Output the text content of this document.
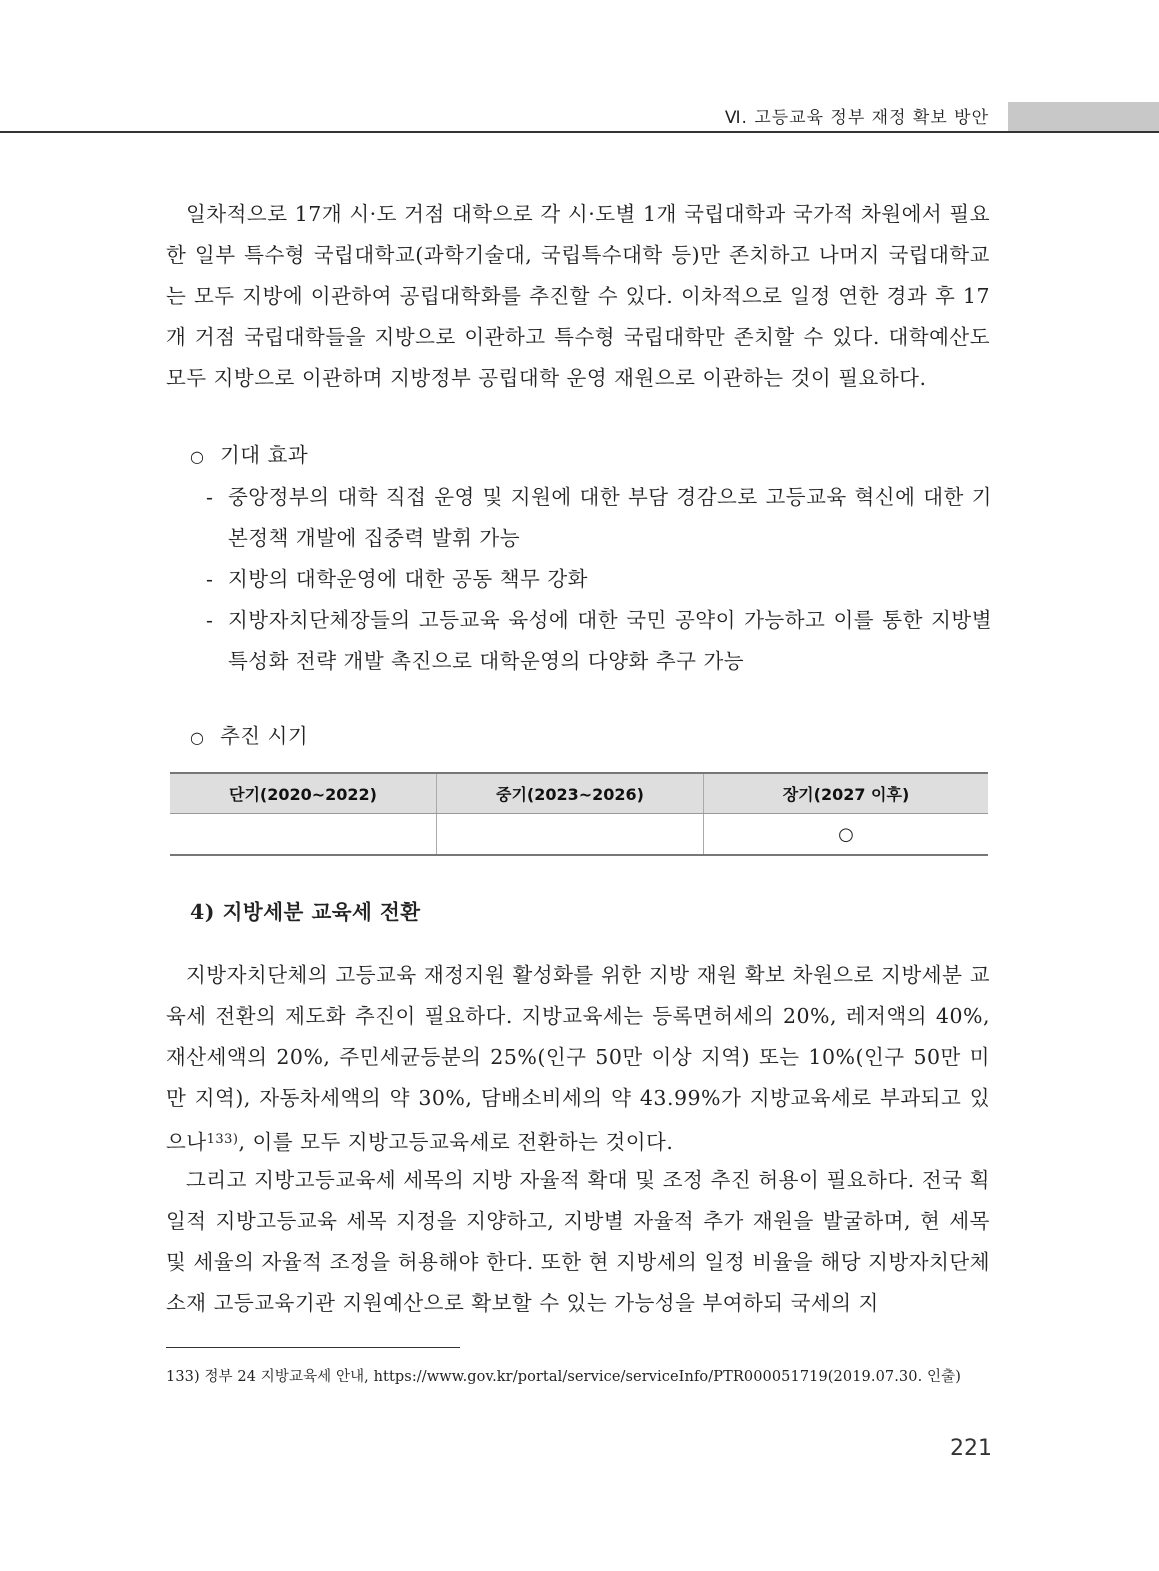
Ⅵ. 고등교육 정부 재정 확보 방안

일차적으로 17개 시·도 거점 대학으로 각 시·도별 1개 국립대학과 국가적 차원에서 필요한 일부 특수형 국립대학교(과학기술대, 국립특수대학 등)만 존치하고 나머지 국립대학교는 모두 지방에 이관하여 공립대학화를 추진할 수 있다. 이차적으로 일정 연한 경과 후 17개 거점 국립대학들을 지방으로 이관하고 특수형 국립대학만 존치할 수 있다. 대학예산도 모두 지방으로 이관하며 지방정부 공립대학 운영 재원으로 이관하는 것이 필요하다.

○ 기대 효과
- 중앙정부의 대학 직접 운영 및 지원에 대한 부담 경감으로 고등교육 혁신에 대한 기본정책 개발에 집중력 발휘 가능
- 지방의 대학운영에 대한 공동 책무 강화
- 지방자치단체장들의 고등교육 육성에 대한 국민 공약이 가능하고 이를 통한 지방별 특성화 전략 개발 촉진으로 대학운영의 다양화 추구 가능
○ 추진 시기
단기(2020~2022)	중기(2023~2026)	장기(2027 이후)
		○
4) 지방세분 교육세 전환

지방자치단체의 고등교육 재정지원 활성화를 위한 지방 재원 확보 차원으로 지방세분 교육세 전환의 제도화 추진이 필요하다. 지방교육세는 등록면허세의 20%, 레저액의 40%, 재산세액의 20%, 주민세균등분의 25%(인구 50만 이상 지역) 또는 10%(인구 50만 미만 지역), 자동차세액의 약 30%, 담배소비세의 약 43.99%가 지방교육세로 부과되고 있으나$^{133)}$, 이를 모두 지방고등교육세로 전환하는 것이다.

그리고 지방고등교육세 세목의 지방 자율적 확대 및 조정 추진 허용이 필요하다. 전국 획일적 지방고등교육 세목 지정을 지양하고, 지방별 자율적 추가 재원을 발굴하며, 현 세목 및 세율의 자율적 조정을 허용해야 한다. 또한 현 지방세의 일정 비율을 해당 지방자치단체 소재 고등교육기관 지원예산으로 확보할 수 있는 가능성을 부여하되 국세의 지

133) 정부 24 지방교육세 안내, https://www.gov.kr/portal/service/serviceInfo/PTR000051719(2019.07.30. 인출)
221
